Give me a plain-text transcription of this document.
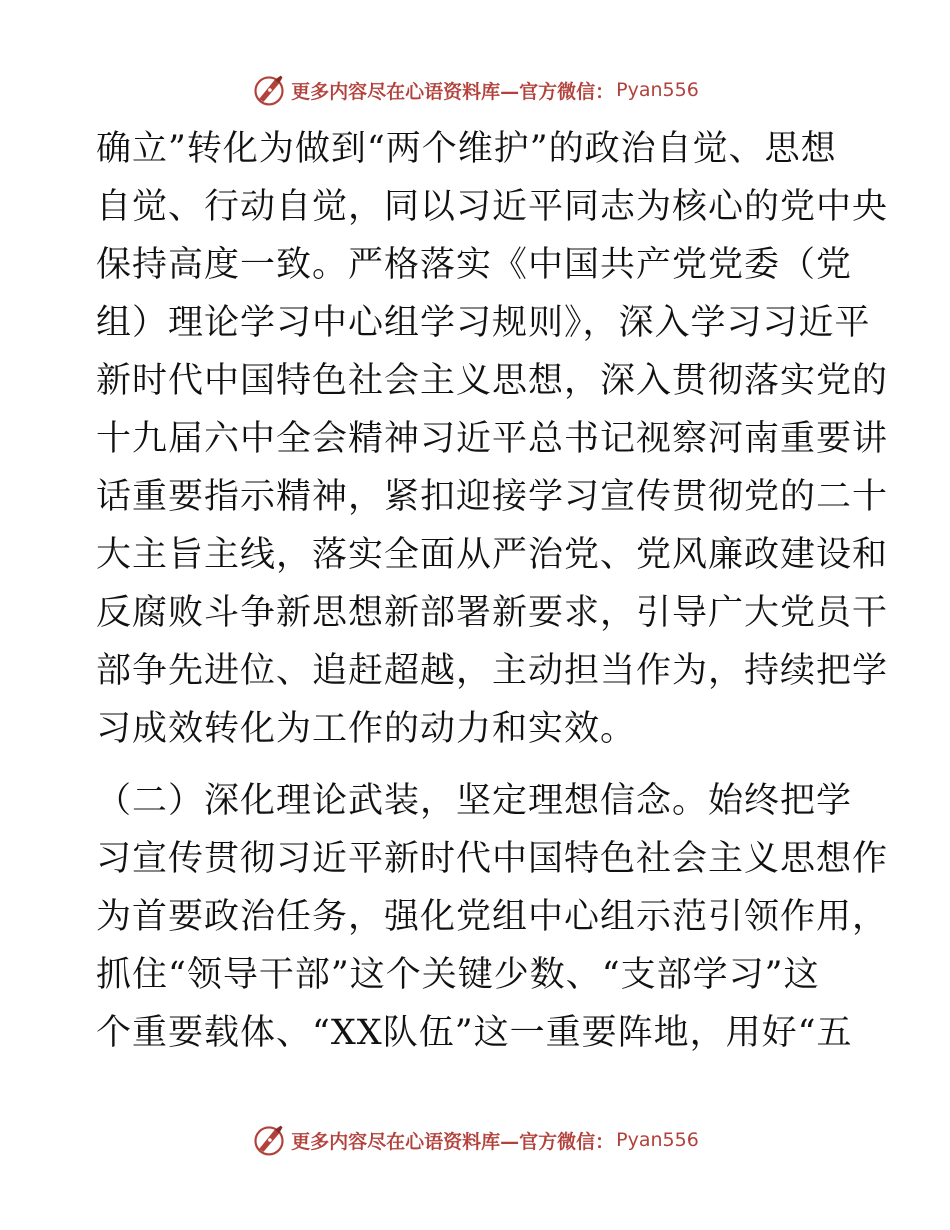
更多内容尽在心语资料库—官方微信： Pyan556
确立”转化为做到“两个维护”的政治自觉、思想
自觉、行动自觉，同以习近平同志为核心的党中央
保持高度一致。严格落实《中国共产党党委（党
组）理论学习中心组学习规则》，深入学习习近平
新时代中国特色社会主义思想，深入贯彻落实党的
十九届六中全会精神习近平总书记视察河南重要讲
话重要指示精神，紧扣迎接学习宣传贯彻党的二十
大主旨主线，落实全面从严治党、党风廉政建设和
反腐败斗争新思想新部署新要求，引导广大党员干
部争先进位、追赶超越，主动担当作为，持续把学
习成效转化为工作的动力和实效。
（二）深化理论武装，坚定理想信念。始终把学
习宣传贯彻习近平新时代中国特色社会主义思想作
为首要政治任务，强化党组中心组示范引领作用，
抓住“领导干部”这个关键少数、“支部学习”这
个重要载体、“XX队伍”这一重要阵地，用好“五
更多内容尽在心语资料库—官方微信： Pyan556
